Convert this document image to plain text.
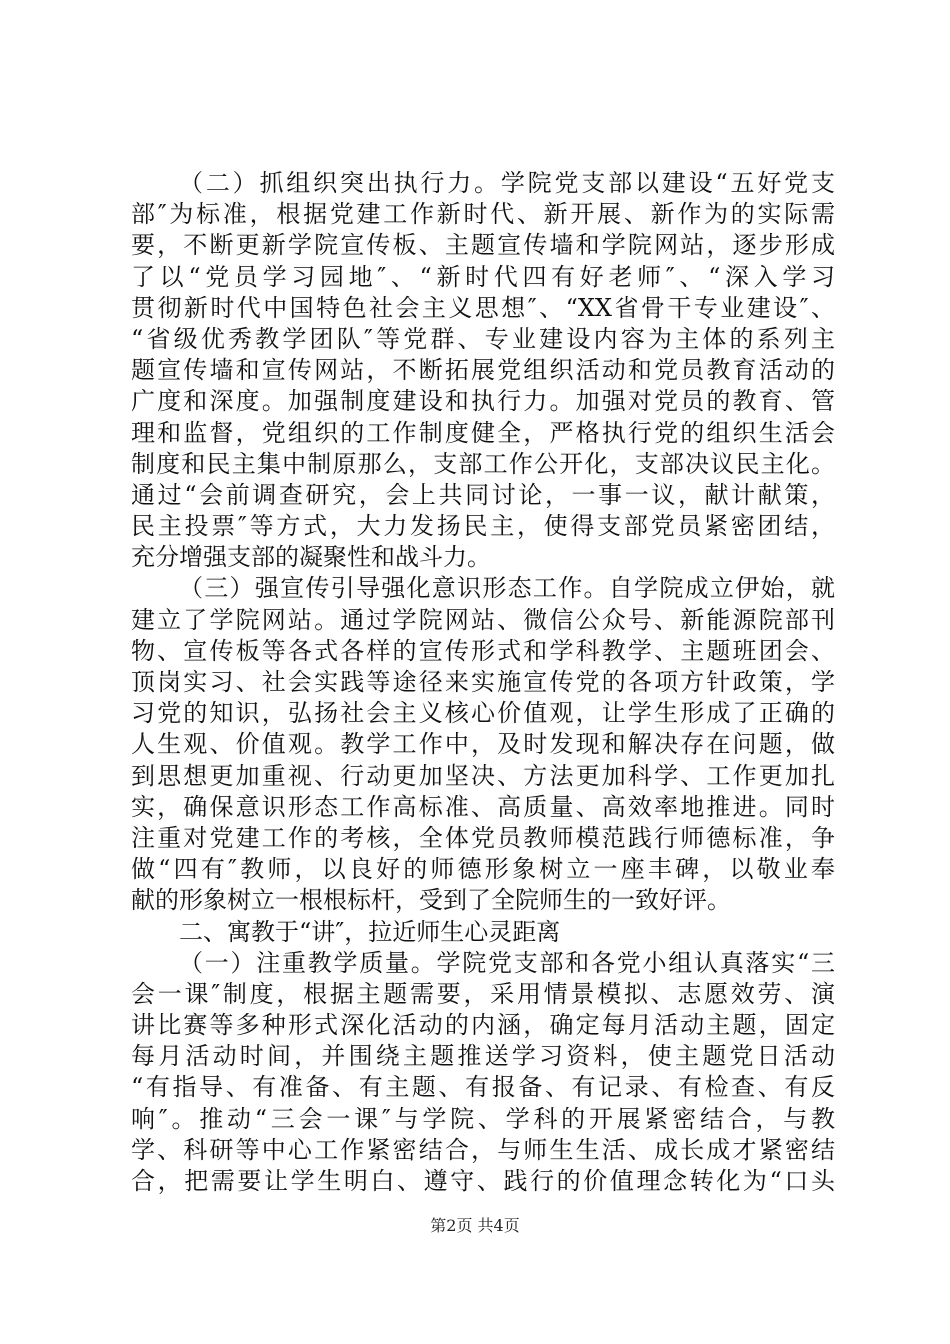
（二）抓组织突出执行力。学院党支部以建设“五好党支
部″为标准，根据党建工作新时代、新开展、新作为的实际需
要，不断更新学院宣传板、主题宣传墙和学院网站，逐步形成
了以“党员学习园地″、“新时代四有好老师″、“深入学习
贯彻新时代中国特色社会主义思想″、“XX省骨干专业建设″、
“省级优秀教学团队″等党群、专业建设内容为主体的系列主
题宣传墙和宣传网站，不断拓展党组织活动和党员教育活动的
广度和深度。加强制度建设和执行力。加强对党员的教育、管
理和监督，党组织的工作制度健全，严格执行党的组织生活会
制度和民主集中制原那么，支部工作公开化，支部决议民主化。
通过“会前调查研究，会上共同讨论，一事一议，献计献策，
民主投票″等方式，大力发扬民主，使得支部党员紧密团结，
充分增强支部的凝聚性和战斗力。
（三）强宣传引导强化意识形态工作。自学院成立伊始，就
建立了学院网站。通过学院网站、微信公众号、新能源院部刊
物、宣传板等各式各样的宣传形式和学科教学、主题班团会、
顶岗实习、社会实践等途径来实施宣传党的各项方针政策，学
习党的知识，弘扬社会主义核心价值观，让学生形成了正确的
人生观、价值观。教学工作中，及时发现和解决存在问题，做
到思想更加重视、行动更加坚决、方法更加科学、工作更加扎
实，确保意识形态工作高标准、高质量、高效率地推进。同时
注重对党建工作的考核，全体党员教师模范践行师德标准，争
做“四有″教师，以良好的师德形象树立一座丰碑，以敬业奉
献的形象树立一根根标杆，受到了全院师生的一致好评。
二、寓教于“讲″，拉近师生心灵距离
（一）注重教学质量。学院党支部和各党小组认真落实“三
会一课″制度，根据主题需要，采用情景模拟、志愿效劳、演
讲比赛等多种形式深化活动的内涵，确定每月活动主题，固定
每月活动时间，并围绕主题推送学习资料，使主题党日活动
“有指导、有准备、有主题、有报备、有记录、有检查、有反
响″。推动“三会一课″与学院、学科的开展紧密结合，与教
学、科研等中心工作紧密结合，与师生生活、成长成才紧密结
合，把需要让学生明白、遵守、践行的价值理念转化为“口头
第2页 共4页
